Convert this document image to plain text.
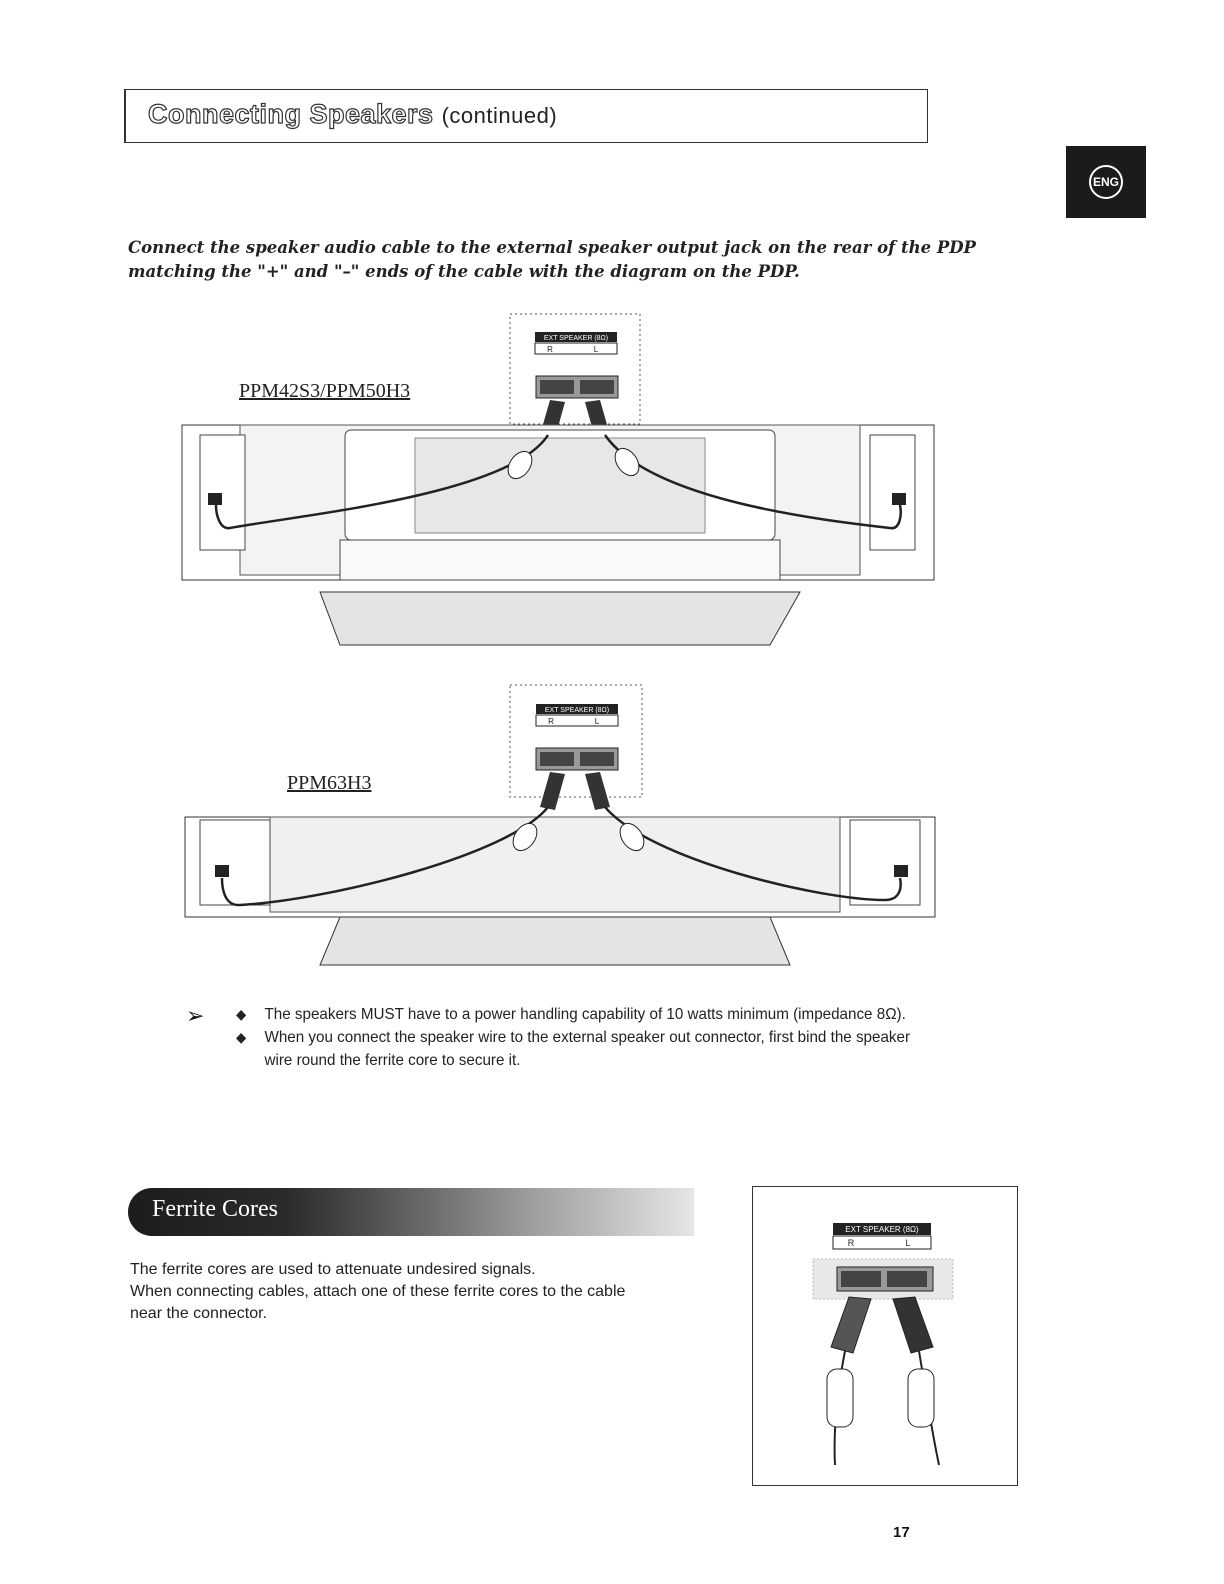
Connecting Speakers (continued)
ENG
Connect the speaker audio cable to the external speaker output jack on the rear of the PDP matching the "+" and "–" ends of the cable with the diagram on the PDP.
PPM42S3/PPM50H3
PPM63H3
EXT SPEAKER (8Ω)
R	L
EXT SPEAKER (8Ω)
R	L
➢ ◆ The speakers MUST have to a power handling capability of 10 watts minimum (impedance 8Ω).
◆ When you connect the speaker wire to the external speaker out connector, first bind the speaker wire round the ferrite core to secure it.
Ferrite Cores
The ferrite cores are used to attenuate undesired signals.
When connecting cables, attach one of these ferrite cores to the cable
near the connector.
EXT SPEAKER (8Ω)
R	L
17
